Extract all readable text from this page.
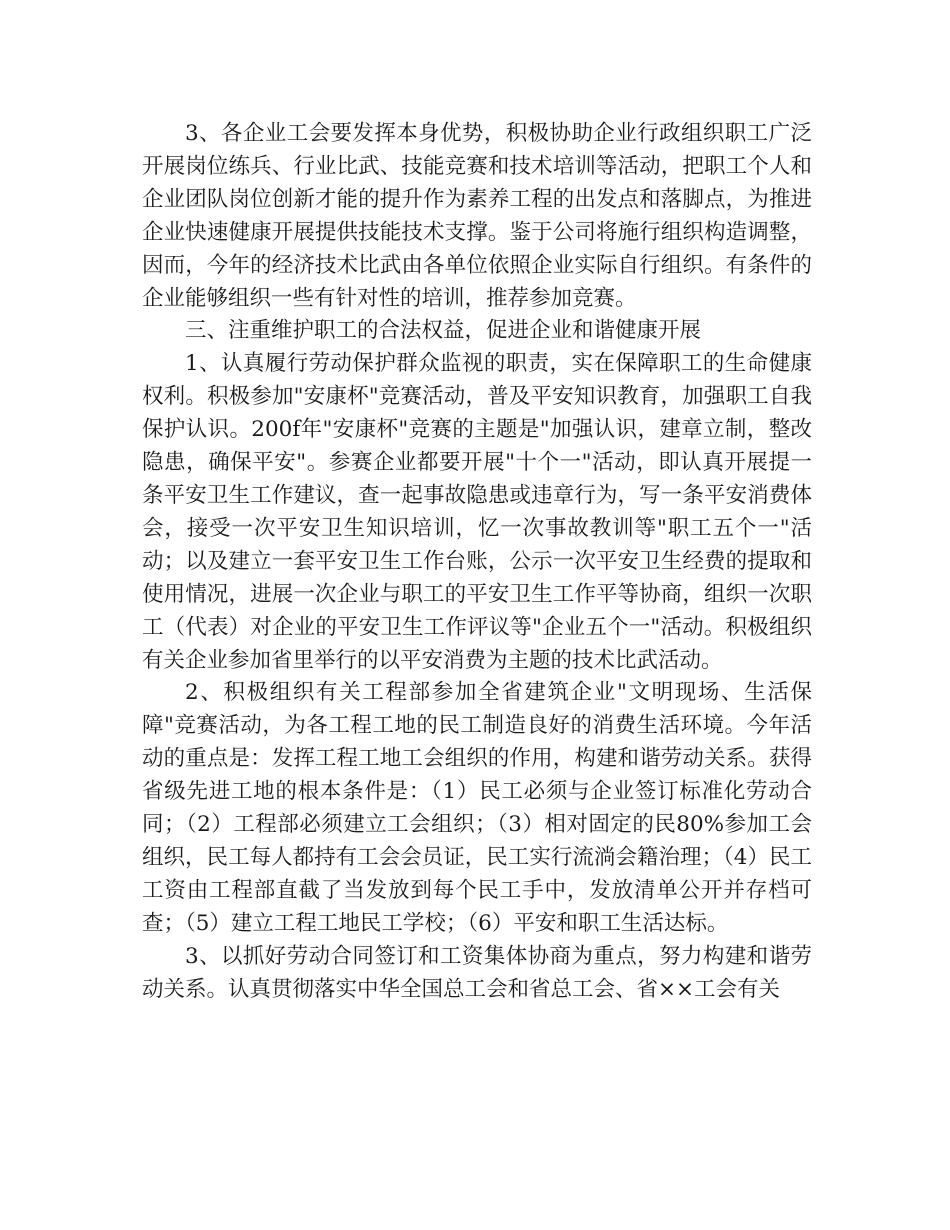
3、各企业工会要发挥本身优势，积极协助企业行政组织职工广泛开展岗位练兵、行业比武、技能竞赛和技术培训等活动，把职工个人和企业团队岗位创新才能的提升作为素养工程的出发点和落脚点，为推进企业快速健康开展提供技能技术支撑。鉴于公司将施行组织构造调整，因而，今年的经济技术比武由各单位依照企业实际自行组织。有条件的企业能够组织一些有针对性的培训，推荐参加竞赛。

三、注重维护职工的合法权益，促进企业和谐健康开展

1、认真履行劳动保护群众监视的职责，实在保障职工的生命健康权利。积极参加"安康杯"竞赛活动，普及平安知识教育，加强职工自我保护认识。200f年"安康杯"竞赛的主题是"加强认识，建章立制，整改隐患，确保平安"。参赛企业都要开展"十个一"活动，即认真开展提一条平安卫生工作建议，查一起事故隐患或违章行为，写一条平安消费体会，接受一次平安卫生知识培训，忆一次事故教训等"职工五个一"活动；以及建立一套平安卫生工作台账，公示一次平安卫生经费的提取和使用情况，进展一次企业与职工的平安卫生工作平等协商，组织一次职工（代表）对企业的平安卫生工作评议等"企业五个一"活动。积极组织有关企业参加省里举行的以平安消费为主题的技术比武活动。

2、积极组织有关工程部参加全省建筑企业"文明现场、生活保障"竞赛活动，为各工程工地的民工制造良好的消费生活环境。今年活动的重点是：发挥工程工地工会组织的作用，构建和谐劳动关系。获得省级先进工地的根本条件是：（1）民工必须与企业签订标准化劳动合同；（2）工程部必须建立工会组织；（3）相对固定的民80%参加工会组织，民工每人都持有工会会员证，民工实行流淌会籍治理；（4）民工工资由工程部直截了当发放到每个民工手中，发放清单公开并存档可查；（5）建立工程工地民工学校；（6）平安和职工生活达标。

3、以抓好劳动合同签订和工资集体协商为重点，努力构建和谐劳动关系。认真贯彻落实中华全国总工会和省总工会、省××工会有关
